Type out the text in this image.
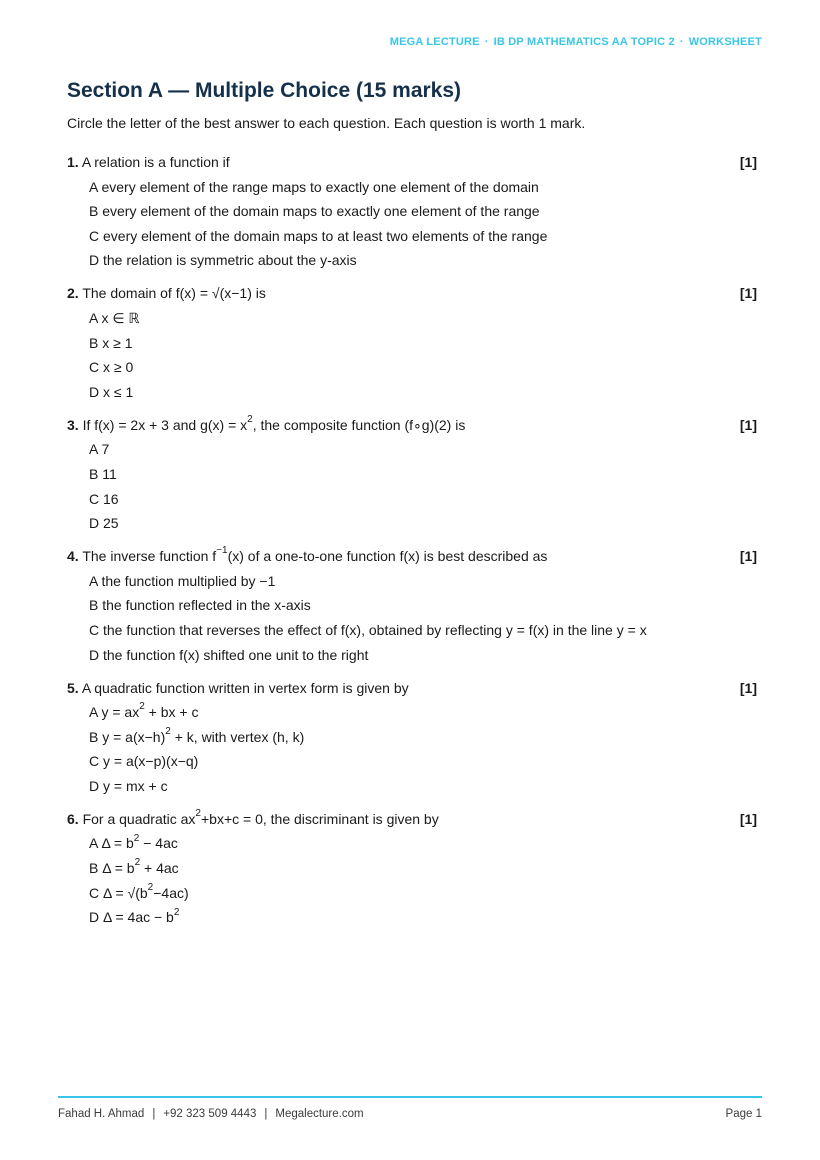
MEGA LECTURE · IB DP MATHEMATICS AA TOPIC 2 · WORKSHEET
Section A — Multiple Choice (15 marks)

Circle the letter of the best answer to each question. Each question is worth 1 mark.

1. A relation is a function if	[1]
A every element of the range maps to exactly one element of the domain
B every element of the domain maps to exactly one element of the range
C every element of the domain maps to at least two elements of the range
D the relation is symmetric about the y-axis
2. The domain of f(x) = √(x−1) is	[1]
A x ∈ ℝ
B x ≥ 1
C x ≥ 0
D x ≤ 1
3. If f(x) = 2x + 3 and $g(x) = x^2$, the composite function (f∘g)(2) is	[1]
A 7
B 11
C 16
D 25
4. The inverse function $f^{-1}(x)$ of a one-to-one function f(x) is best described as	[1]
A the function multiplied by −1
B the function reflected in the x-axis
C the function that reverses the effect of f(x), obtained by reflecting y = f(x) in the line y = x
D the function f(x) shifted one unit to the right
5. A quadratic function written in vertex form is given by	[1]
A $y = ax^2$ + bx + c
B $y = a(x-h)^2 + k$, with vertex (h, k)
C y = a(x−p)(x−q)
D y = mx + c
6. For a quadratic $ax^2+bx+c = 0$, the discriminant is given by	[1]
A $\Delta = b^2 - 4ac$
B $\Delta = b^2 + 4ac$
C $\Delta = √(b^2-4ac)$
D $\Delta = 4ac - b^2$
Fahad H. Ahmad | +92 323 509 4443 | Megalecture.com	Page 1
